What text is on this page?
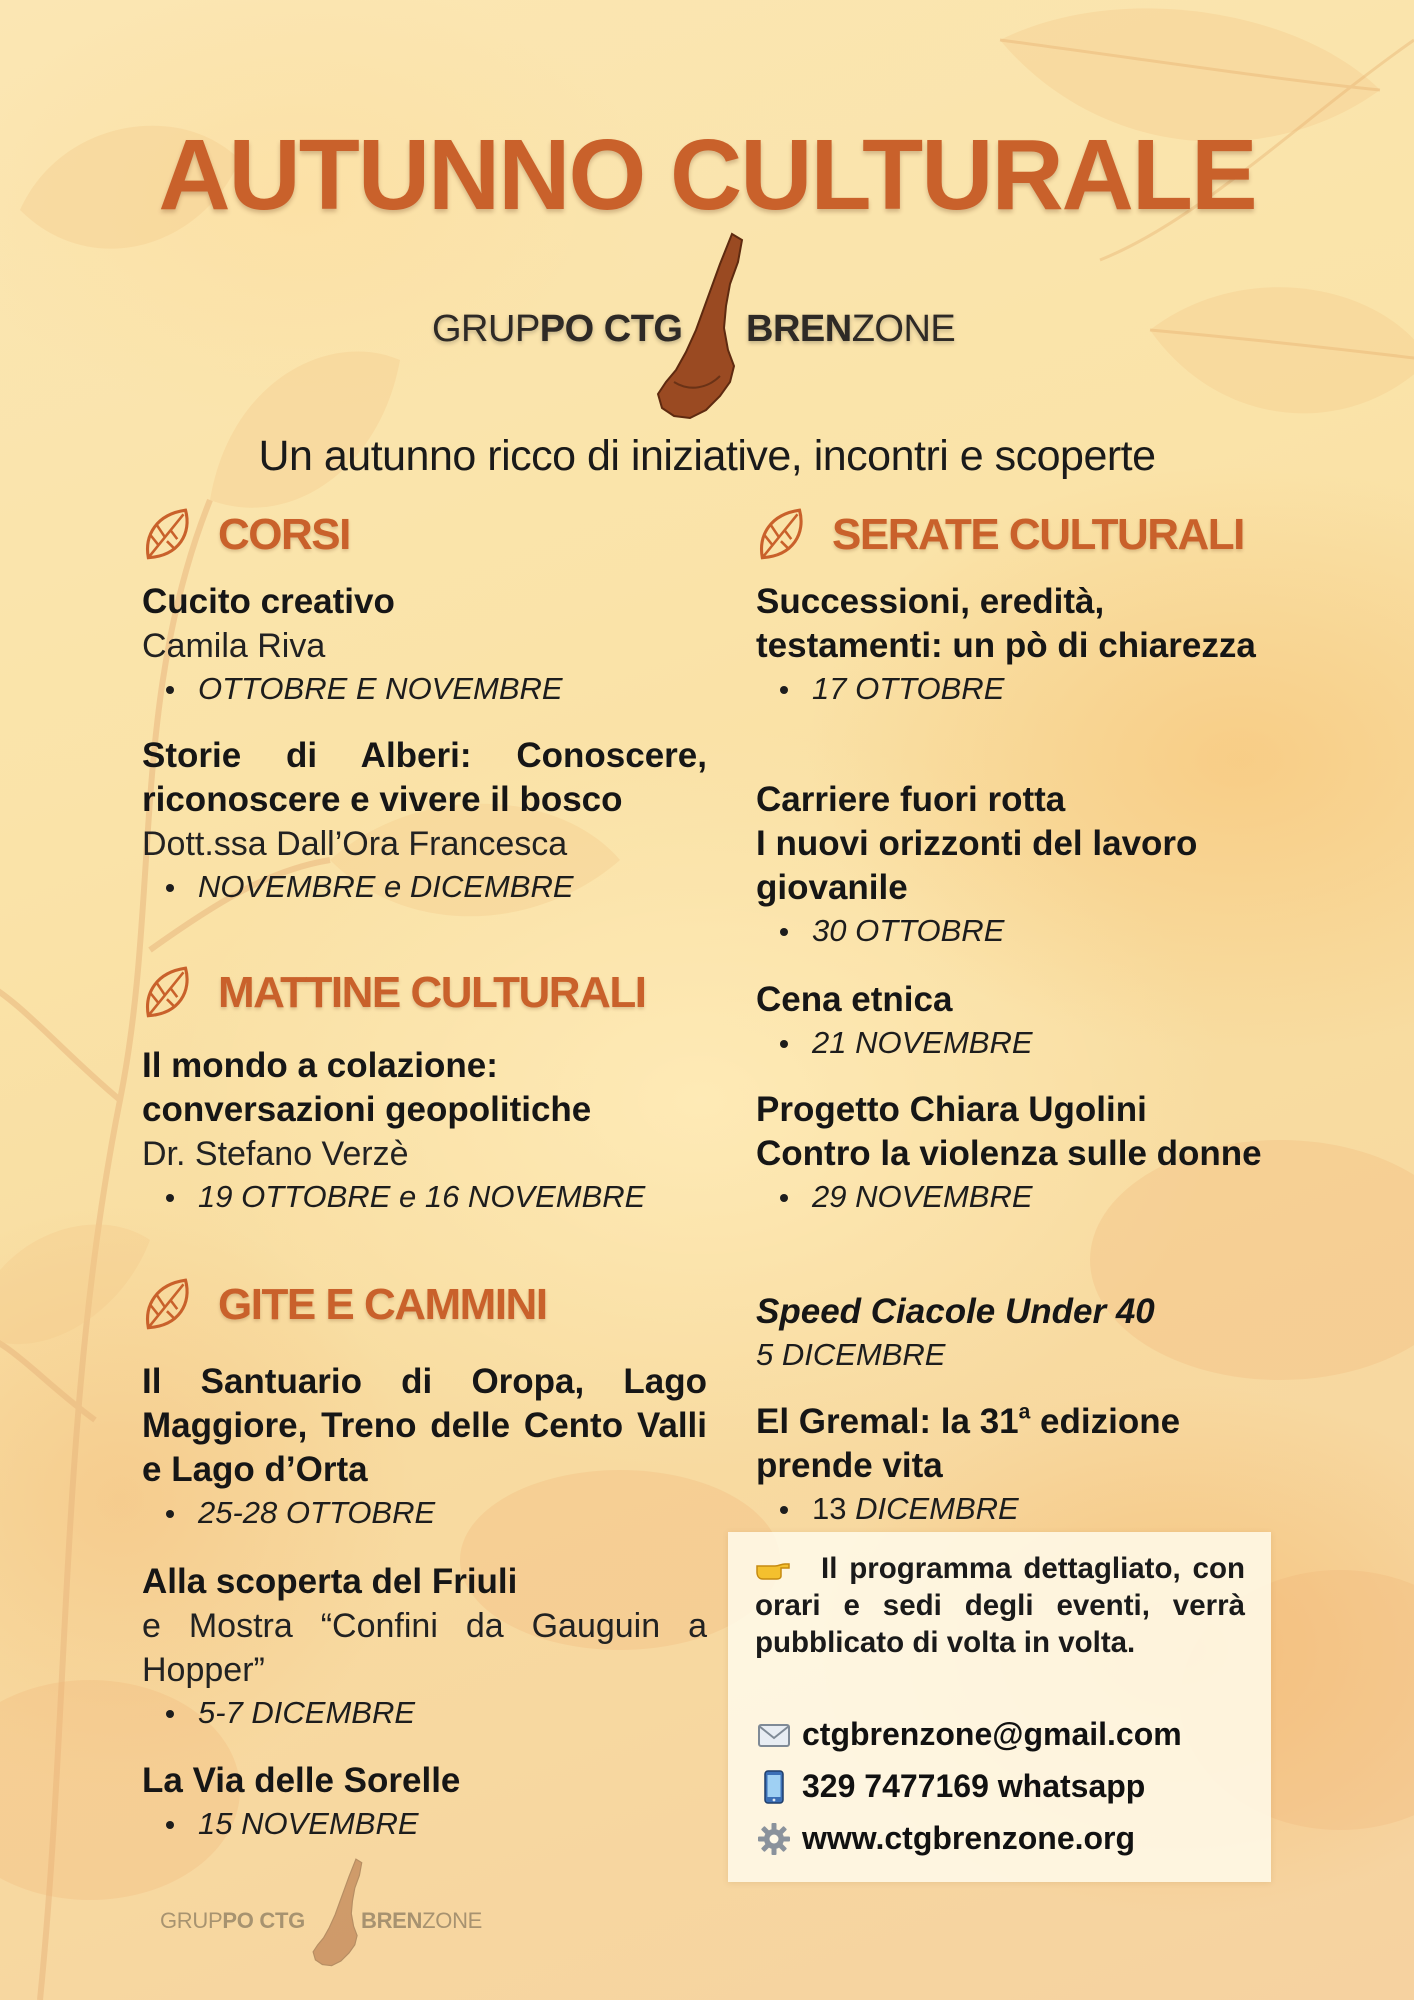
AUTUNNO CULTURALE
GRUPPO CTG BRENZONE
Un autunno ricco di iniziative, incontri e scoperte
CORSI
Cucito creativo
Camila Riva
OTTOBRE E NOVEMBRE
Storie di Alberi: Conoscere, riconoscere e vivere il bosco
Dott.ssa Dall’Ora Francesca
NOVEMBRE e DICEMBRE
MATTINE CULTURALI
Il mondo a colazione: conversazioni geopolitiche
Dr. Stefano Verzè
19 OTTOBRE e 16 NOVEMBRE
GITE E CAMMINI
Il Santuario di Oropa, Lago Maggiore, Treno delle Cento Valli e Lago d’Orta
25-28 OTTOBRE
Alla scoperta del Friuli
e Mostra “Confini da Gauguin a Hopper”
5-7 DICEMBRE
La Via delle Sorelle
15 NOVEMBRE
SERATE CULTURALI
Successioni, eredità, testamenti: un pò di chiarezza
17 OTTOBRE
Carriere fuori rotta
I nuovi orizzonti del lavoro giovanile
30 OTTOBRE
Cena etnica
21 NOVEMBRE
Progetto Chiara Ugolini
Contro la violenza sulle donne
29 NOVEMBRE
Speed Ciacole Under 40
5 DICEMBRE
El Gremal: la 31$^a$ edizione prende vita
13 DICEMBRE
Il programma dettagliato, con orari e sedi degli eventi, verrà pubblicato di volta in volta.
ctgbrenzone@gmail.com
329 7477169 whatsapp
www.ctgbrenzone.org
GRUPPO CTG	BRENZONE
